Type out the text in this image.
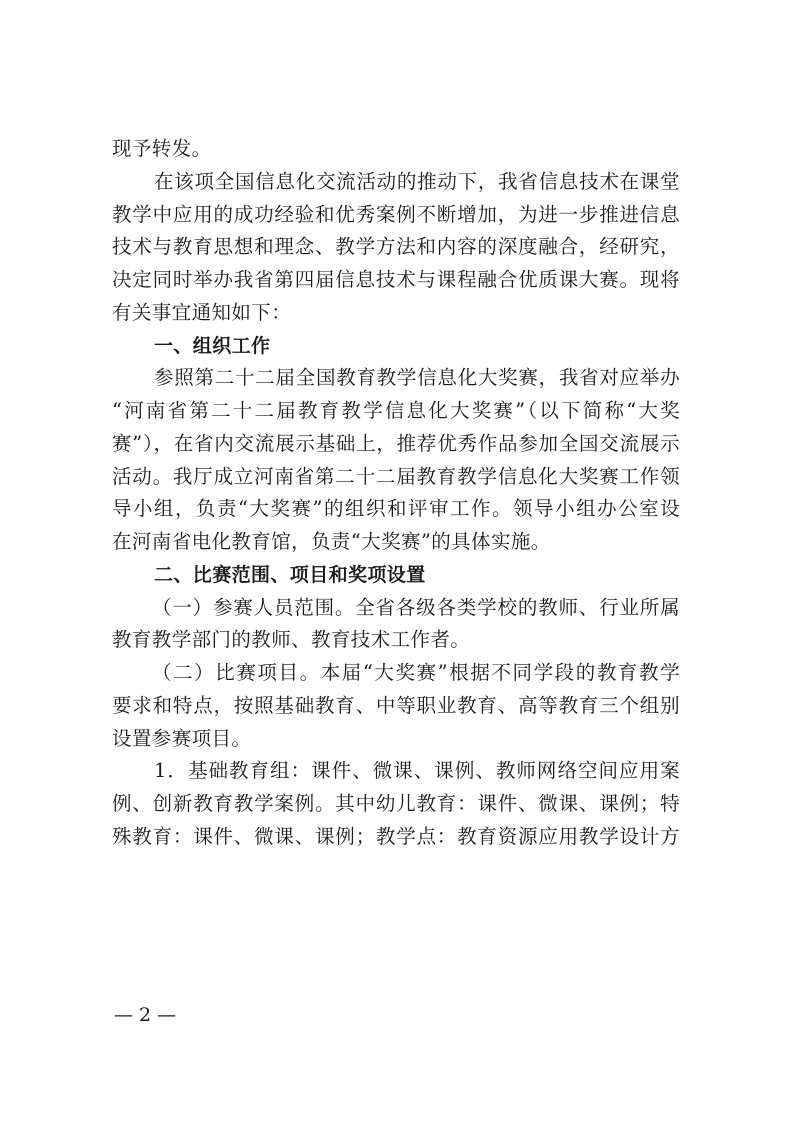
现予转发。
在该项全国信息化交流活动的推动下，我省信息技术在课堂
教学中应用的成功经验和优秀案例不断增加，为进一步推进信息
技术与教育思想和理念、教学方法和内容的深度融合，经研究，
决定同时举办我省第四届信息技术与课程融合优质课大赛。现将
有关事宜通知如下：
一、组织工作
参照第二十二届全国教育教学信息化大奖赛，我省对应举办
“河南省第二十二届教育教学信息化大奖赛”（以下简称“大奖
赛”），在省内交流展示基础上，推荐优秀作品参加全国交流展示
活动。我厅成立河南省第二十二届教育教学信息化大奖赛工作领
导小组，负责“大奖赛”的组织和评审工作。领导小组办公室设
在河南省电化教育馆，负责“大奖赛”的具体实施。
二、比赛范围、项目和奖项设置
（一）参赛人员范围。全省各级各类学校的教师、行业所属
教育教学部门的教师、教育技术工作者。
（二）比赛项目。本届“大奖赛”根据不同学段的教育教学
要求和特点，按照基础教育、中等职业教育、高等教育三个组别
设置参赛项目。
1．基础教育组：课件、微课、课例、教师网络空间应用案
例、创新教育教学案例。其中幼儿教育：课件、微课、课例；特
殊教育：课件、微课、课例；教学点：教育资源应用教学设计方
— 2 —
